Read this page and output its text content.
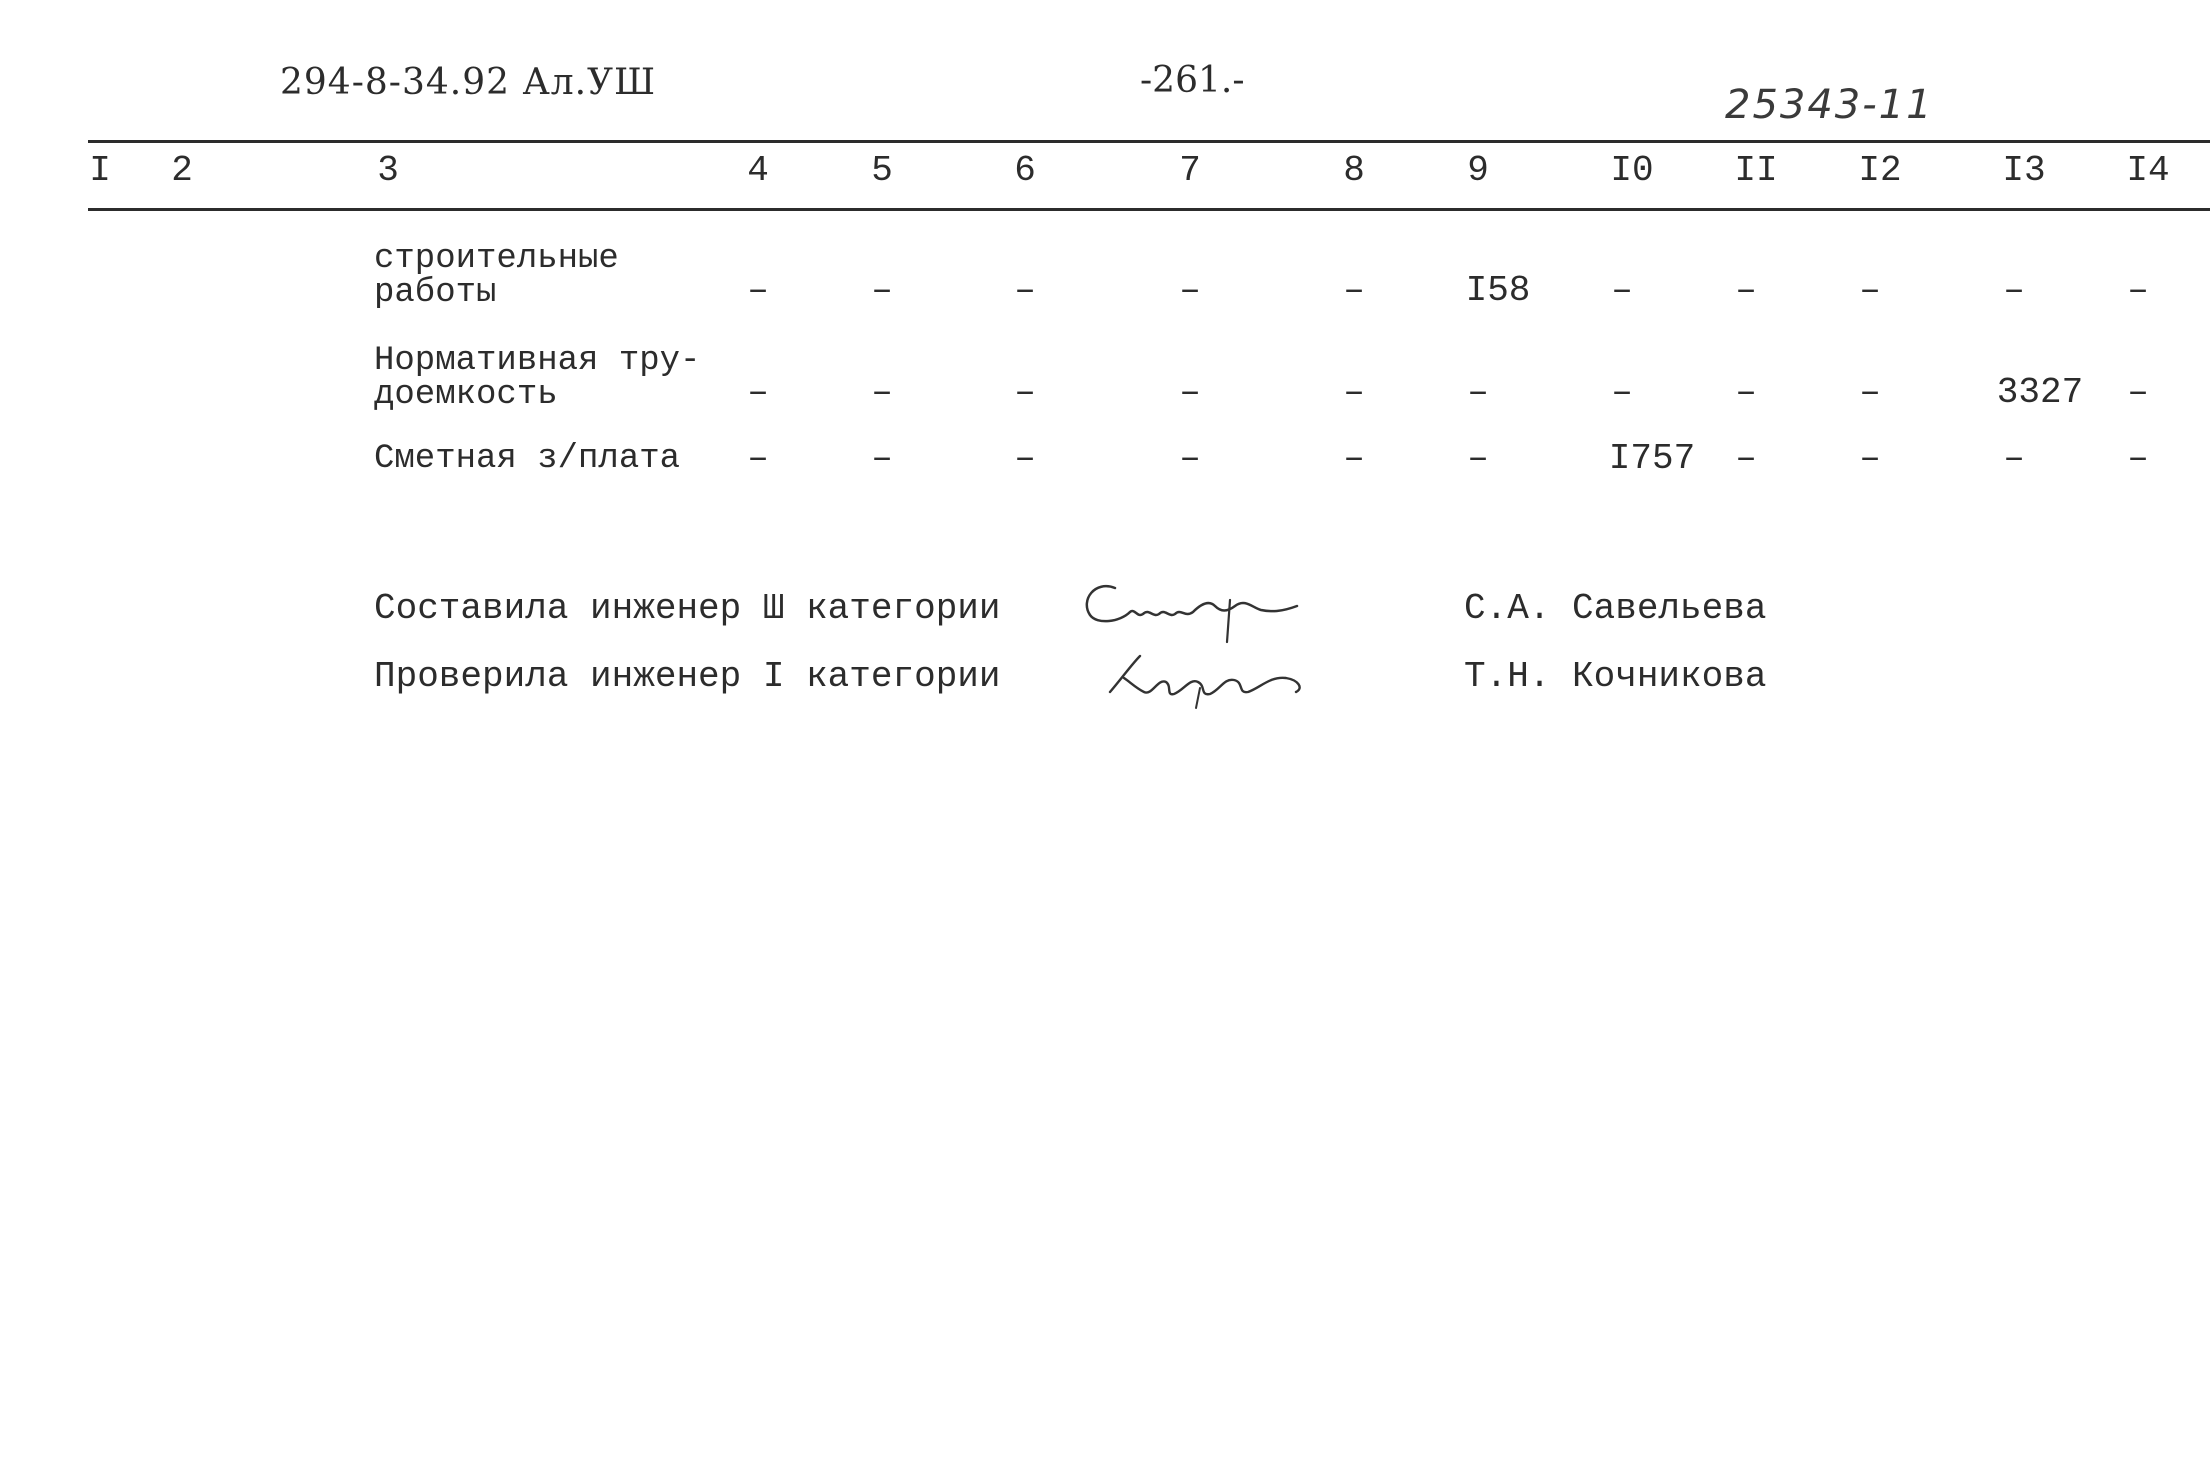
294-8-34.92 Ал.УШ	-261.-
25343-11
I 2	3	4	5	6	7	8	9	I0 II I2	I3 I4
строительные
работы	–	–	–	–	–	I58 –	–	–	–	–
Нормативная тру-
доемкость	–	–	–	–	–	–	–	–	–	3327 –
Сметная з/плата –	–	–	–	–	–	I757 –	–	–	–
Составила инженер Ш категории	С.А. Савельева
Проверила инженер I категории	Т.Н. Кочникова
